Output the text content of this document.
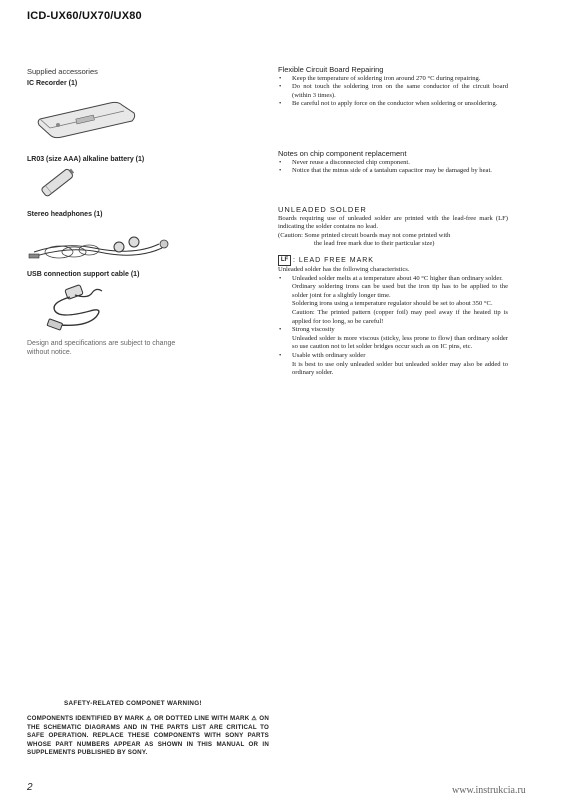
ICD-UX60/UX70/UX80
Supplied accessories
IC Recorder (1)
LR03 (size AAA) alkaline battery (1)
Stereo headphones (1)
USB connection support cable (1)
Design and specifications are subject to change without notice.
Flexible Circuit Board Repairing
• Keep the temperature of soldering iron around 270 °C during repairing.
• Do not touch the soldering iron on the same conductor of the circuit board (within 3 times).
• Be careful not to apply force on the conductor when soldering or unsoldering.
Notes on chip component replacement
• Never reuse a disconnected chip component.
• Notice that the minus side of a tantalum capacitor may be damaged by heat.
UNLEADED SOLDER

Boards requiring use of unleaded solder are printed with the lead-free mark (LF) indicating the solder contains no lead.

(Caution: Some printed circuit boards may not come printed with

the lead free mark due to their particular size)

LF : LEAD FREE MARK

Unleaded solder has the following characteristics.

• Unleaded solder melts at a temperature about 40 °C higher than ordinary solder.

Ordinary soldering irons can be used but the iron tip has to be applied to the solder joint for a slightly longer time.

Soldering irons using a temperature regulator should be set to about 350 °C.

Caution: The printed pattern (copper foil) may peel away if the heated tip is applied for too long, so be careful!

• Strong viscosity

Unleaded solder is more viscous (sticky, less prone to flow) than ordinary solder so use caution not to let solder bridges occur such as on IC pins, etc.

• Usable with ordinary solder

It is best to use only unleaded solder but unleaded solder may also be added to ordinary solder.

SAFETY-RELATED COMPONET WARNING!
COMPONENTS IDENTIFIED BY MARK ⚠ OR DOTTED LINE WITH MARK ⚠ ON THE SCHEMATIC DIAGRAMS AND IN THE PARTS LIST ARE CRITICAL TO SAFE OPERATION. REPLACE THESE COMPONENTS WITH SONY PARTS WHOSE PART NUMBERS APPEAR AS SHOWN IN THIS MANUAL OR IN SUPPLEMENTS PUBLISHED BY SONY.
2	www.instrukcia.ru
